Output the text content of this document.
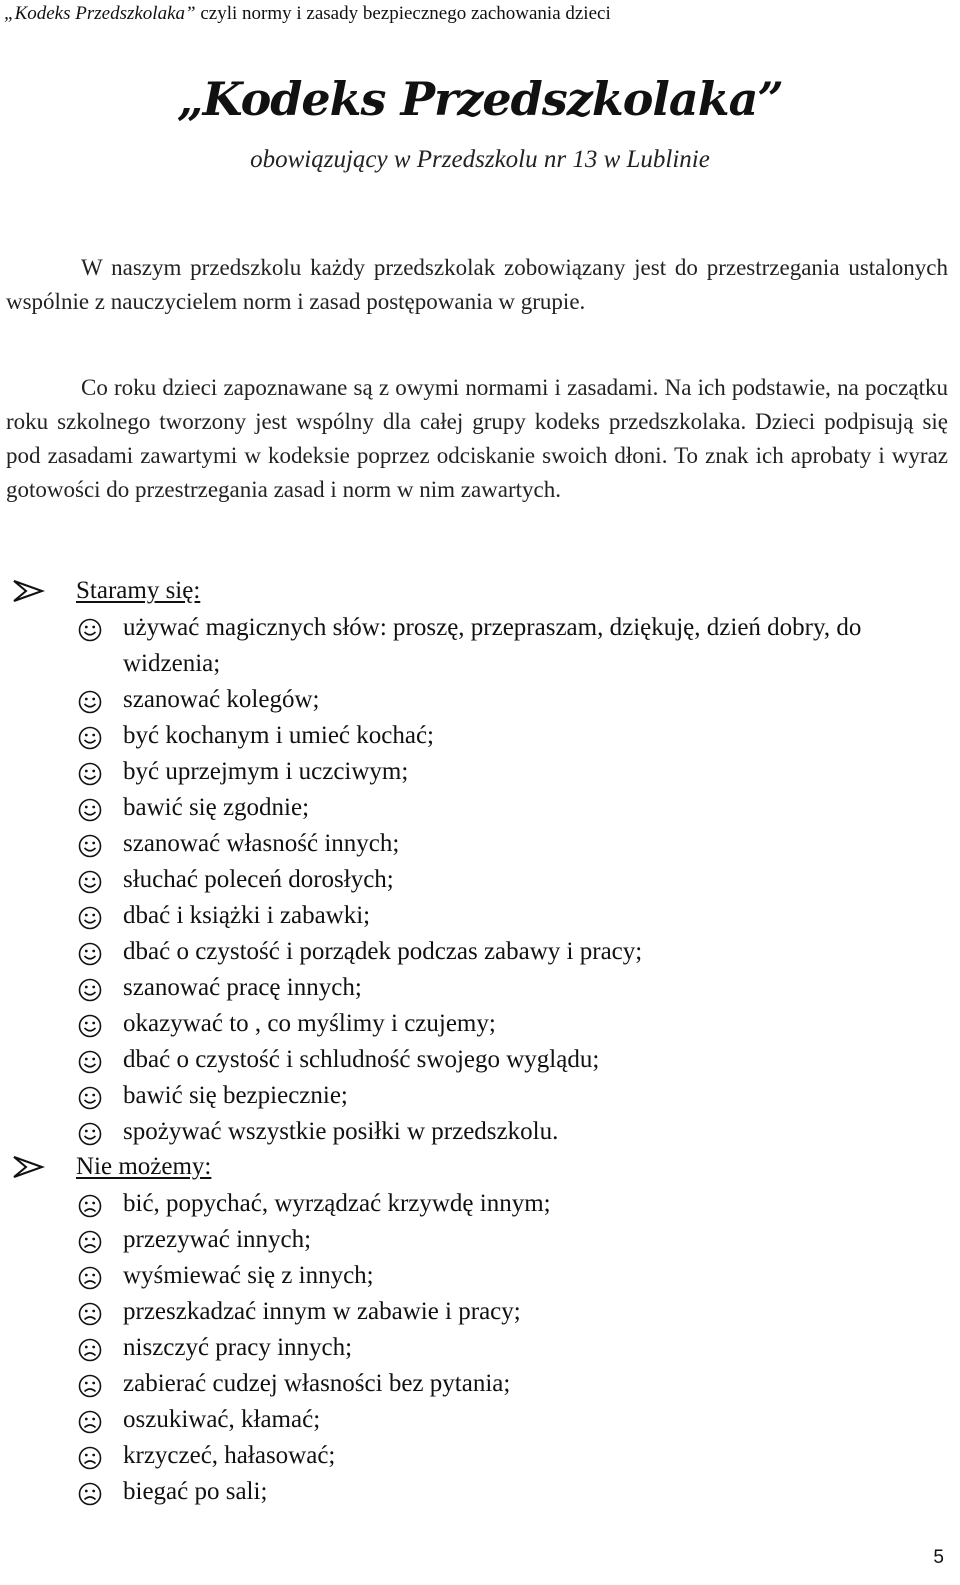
„Kodeks Przedszkolaka” czyli normy i zasady bezpiecznego zachowania dzieci
„Kodeks Przedszkolaka”
obowiązujący w Przedszkolu nr 13 w Lublinie

W naszym przedszkolu każdy przedszkolak zobowiązany jest do przestrzegania ustalonych wspólnie z nauczycielem norm i zasad postępowania w grupie.

Co roku dzieci zapoznawane są z owymi normami i zasadami. Na ich podstawie, na początku roku szkolnego tworzony jest wspólny dla całej grupy kodeks przedszkolaka. Dzieci podpisują się pod zasadami zawartymi w kodeksie poprzez odciskanie swoich dłoni. To znak ich aprobaty i wyraz gotowości do przestrzegania zasad i norm w nim zawartych.

Staramy się:
używać magicznych słów: proszę, przepraszam, dziękuję, dzień dobry, do widzenia;
szanować kolegów;
być kochanym i umieć kochać;
być uprzejmym i uczciwym;
bawić się zgodnie;
szanować własność innych;
słuchać poleceń dorosłych;
dbać i książki i zabawki;
dbać o czystość i porządek podczas zabawy i pracy;
szanować pracę innych;
okazywać to , co myślimy i czujemy;
dbać o czystość i schludność swojego wyglądu;
bawić się bezpiecznie;
spożywać wszystkie posiłki w przedszkolu.
Nie możemy:
bić, popychać, wyrządzać krzywdę innym;
przezywać innych;
wyśmiewać się z innych;
przeszkadzać innym w zabawie i pracy;
niszczyć pracy innych;
zabierać cudzej własności bez pytania;
oszukiwać, kłamać;
krzyczeć, hałasować;
biegać po sali;
5
